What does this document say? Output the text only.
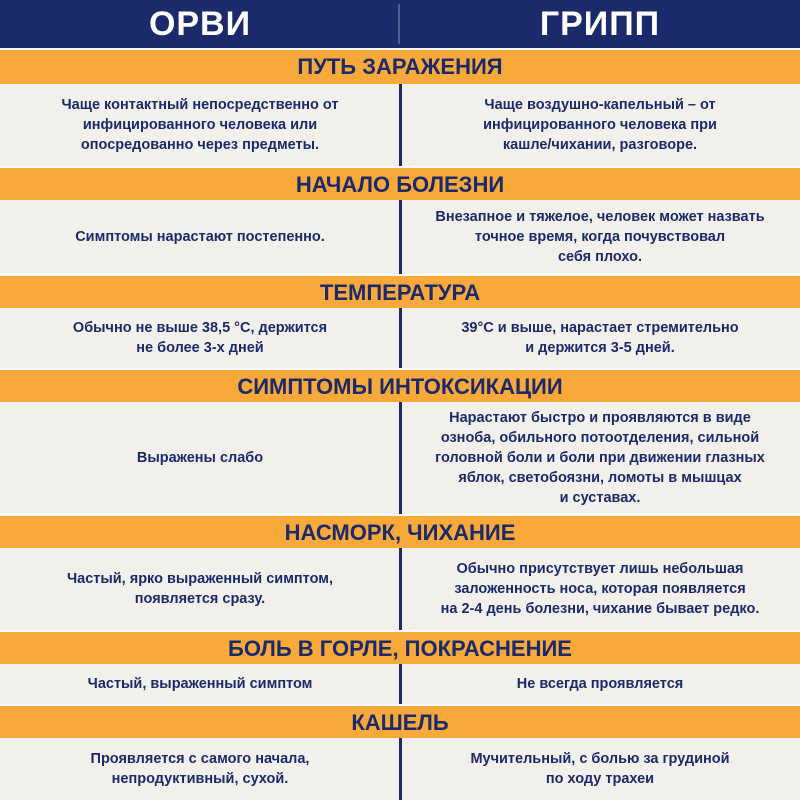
ОРВИ	ГРИПП
ПУТЬ ЗАРАЖЕНИЯ
Чаще контактный непосредственно от
инфицированного человека или
опосредованно через предметы.
Чаще воздушно-капельный – от
инфицированного человека при
кашле/чихании, разговоре.
НАЧАЛО БОЛЕЗНИ
Симптомы нарастают постепенно.
Внезапное и тяжелое, человек может назвать
точное время, когда почувствовал
себя плохо.
ТЕМПЕРАТУРА
Обычно не выше 38,5 °С, держится
не более 3-х дней
39°С и выше, нарастает стремительно
и держится 3-5 дней.
СИМПТОМЫ ИНТОКСИКАЦИИ
Выражены слабо
Нарастают быстро и проявляются в виде
озноба, обильного потоотделения, сильной
головной боли и боли при движении глазных
яблок, светобоязни, ломоты в мышцах
и суставах.
НАСМОРК, ЧИХАНИЕ
Частый, ярко выраженный симптом,
появляется сразу.
Обычно присутствует лишь небольшая
заложенность носа, которая появляется
на 2-4 день болезни, чихание бывает редко.
БОЛЬ В ГОРЛЕ, ПОКРАСНЕНИЕ
Частый, выраженный симптом	Не всегда проявляется
КАШЕЛЬ
Проявляется с самого начала,
непродуктивный, сухой.
Мучительный, с болью за грудиной
по ходу трахеи
